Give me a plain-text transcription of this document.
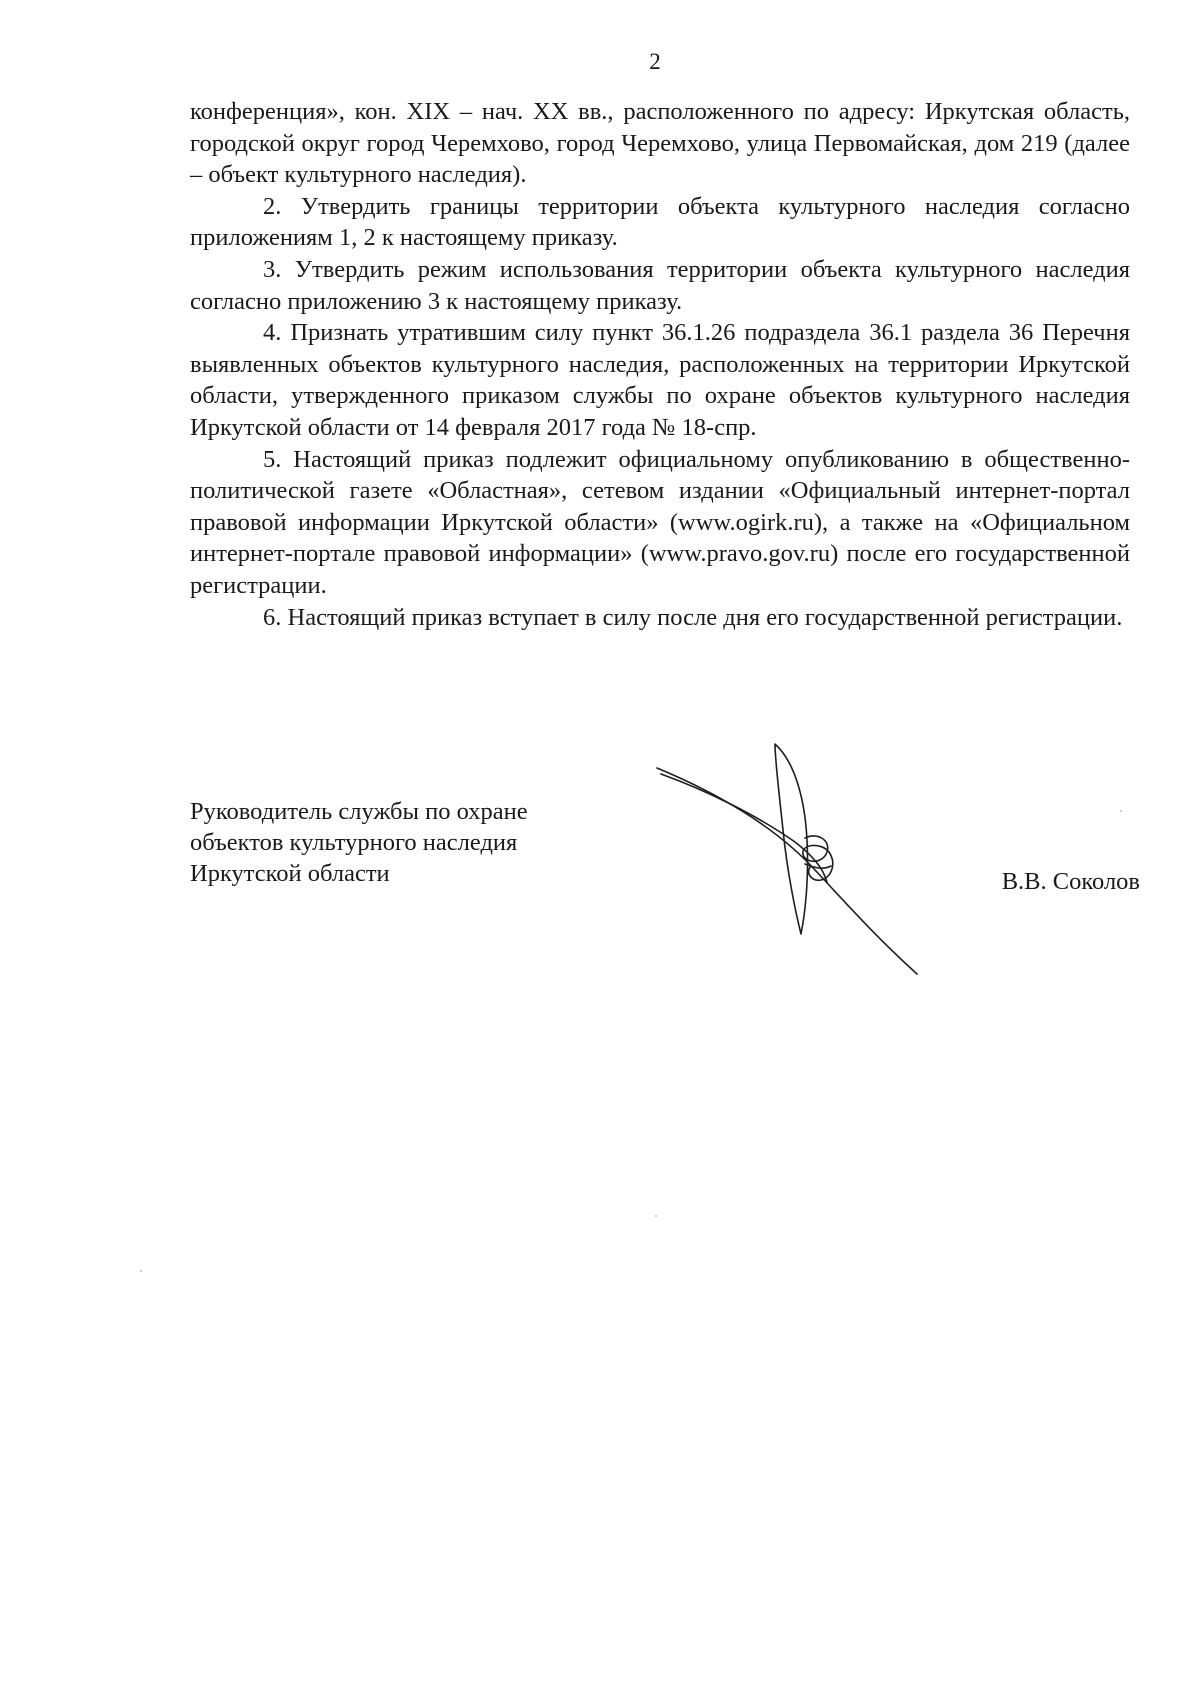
2

конференция», кон. XIX – нач. XX вв., расположенного по адресу: Иркутская область, городской округ город Черемхово, город Черемхово, улица Первомайская, дом 219 (далее – объект культурного наследия).

2. Утвердить границы территории объекта культурного наследия согласно приложениям 1, 2 к настоящему приказу.

3. Утвердить режим использования территории объекта культурного наследия согласно приложению 3 к настоящему приказу.

4. Признать утратившим силу пункт 36.1.26 подраздела 36.1 раздела 36 Перечня выявленных объектов культурного наследия, расположенных на территории Иркутской области, утвержденного приказом службы по охране объектов культурного наследия Иркутской области от 14 февраля 2017 года № 18-спр.

5. Настоящий приказ подлежит официальному опубликованию в общественно-политической газете «Областная», сетевом издании «Официальный интернет-портал правовой информации Иркутской области» (www.ogirk.ru), а также на «Официальном интернет-портале правовой информации» (www.pravo.gov.ru) после его государственной регистрации.

6. Настоящий приказ вступает в силу после дня его государственной регистрации.

Руководитель службы по охране
объектов культурного наследия
Иркутской области	В.В. Соколов
